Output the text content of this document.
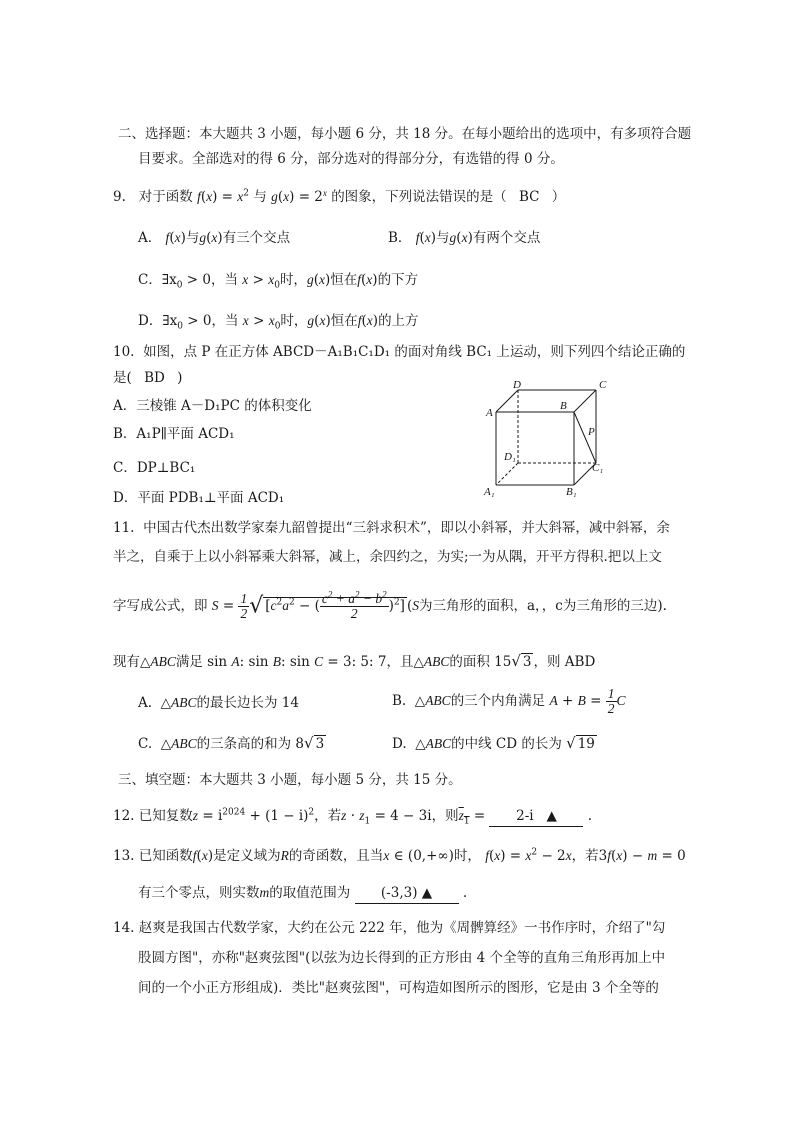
二、选择题：本大题共 3 小题，每小题 6 分，共 18 分。在每小题给出的选项中，有多项符合题
目要求。全部选对的得 6 分，部分选对的得部分分，有选错的得 0 分。
9. 对于函数 $f(x) = x^2$ 与 $g(x) = 2^x$ 的图象，下列说法错误的是（ BC ）
A． f(x)与g(x)有三个交点	B． f(x)与g(x)有两个交点
C．$\exists x_0 > 0$，当 $x > x_0$时，g(x)恒在f(x)的下方
D．$\exists x_0 > 0$，当 $x > x_0$时，g(x)恒在f(x)的上方
10. 如图，点 P 在正方体 ABCD－A₁B₁C₁D₁ 的面对角线 BC₁ 上运动，则下列四个结论正确的
是( BD )
A．三棱锥 A－D₁PC 的体积变化
B．A₁P∥平面 ACD₁
C．DP⊥BC₁
D．平面 PDB₁⊥平面 ACD₁
D	C
A
B
P
D₁
C₁
A₁	B₁
11. 中国古代杰出数学家秦九韶曾提出“三斜求积术”，即以小斜幂，并大斜幂，减中斜幂，余
半之，自乘于上以小斜幂乘大斜幂，减上，余四约之，为实;一为从隅，开平方得积.把以上文
字写成公式，即 $S = \frac{1}{2}$ √ [$c^2a^2$ − ( $\frac{c^2 + a^2 - b^2}{2} )^2$] (S为三角形的面积，a，，c为三角形的三边).
现有△ABC满足 sin A: sin B: sin C = 3: 5: 7，且△ABC的面积 15√ 3 ，则 ABD
A.  △ABC的最长边长为 14	B.  △ABC的三个内角满足 $A + B = \frac{1}{2}$ C
C.  △ABC的三条高的和为 8√ 3	D.  △ABC的中线 CD 的长为 √ 19
三、填空题：本大题共 3 小题，每小题 5 分，共 15 分。
12. 已知复数$z = i^{2024} + (1 - i)^2$，若$z \cdot z_1 = 4 - 3i$，则$z_1 = 2-i$ ▲ .
13. 已知函数f(x)是定义域为R的奇函数，且当x ∈ (0,+∞)时， $f(x) = x^2 - 2x$，若3f(x) − m = 0
有三个零点，则实数m的取值范围为 (-3,3) ▲ .
14. 赵爽是我国古代数学家，大约在公元 222 年，他为《周髀算经》一书作序时，介绍了"勾
股圆方图"，亦称"赵爽弦图"(以弦为边长得到的正方形由 4 个全等的直角三角形再加上中
间的一个小正方形组成)．类比"赵爽弦图"，可构造如图所示的图形，它是由 3 个全等的
